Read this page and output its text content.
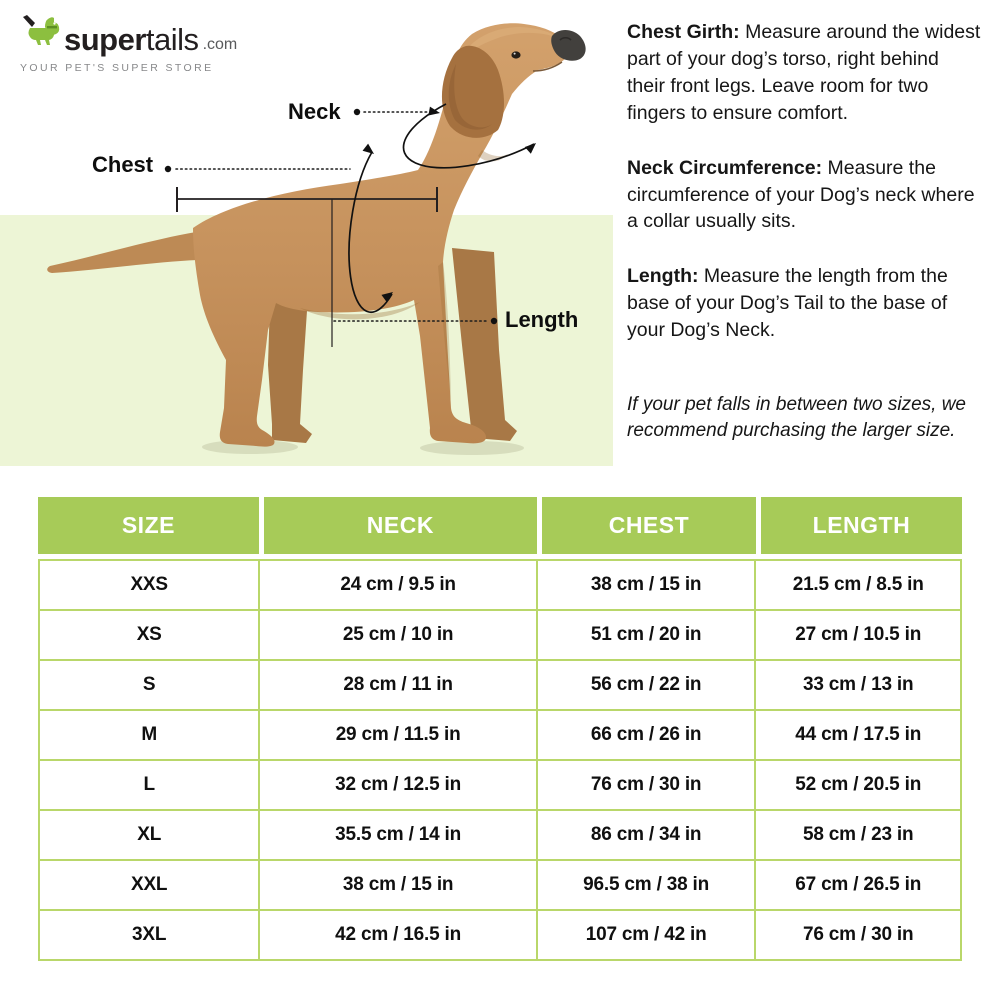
supertails .com
YOUR PET'S SUPER STORE
Neck
Chest
Length

Chest Girth: Measure around the widest part of your dog’s torso, right behind their front legs. Leave room for two fingers to ensure comfort.

Neck Circumference: Measure the circumference of your Dog’s neck where a collar usually sits.

Length: Measure the length from the base of your Dog’s Tail to the base of your Dog’s Neck.

If your pet falls in between two sizes, we recommend purchasing the larger size.

SIZE	NECK	CHEST	LENGTH
XXS	24 cm / 9.5 in	38 cm / 15 in	21.5 cm / 8.5 in
XS	25 cm / 10 in	51 cm / 20 in	27 cm / 10.5 in
S	28 cm / 11 in	56 cm / 22 in	33 cm / 13 in
M	29 cm / 11.5 in	66 cm / 26 in	44 cm / 17.5 in
L	32 cm / 12.5 in	76 cm / 30 in	52 cm / 20.5 in
XL	35.5 cm / 14 in	86 cm / 34 in	58 cm / 23 in
XXL	38 cm / 15 in	96.5 cm / 38 in	67 cm / 26.5 in
3XL	42 cm / 16.5 in	107 cm / 42 in	76 cm / 30 in
